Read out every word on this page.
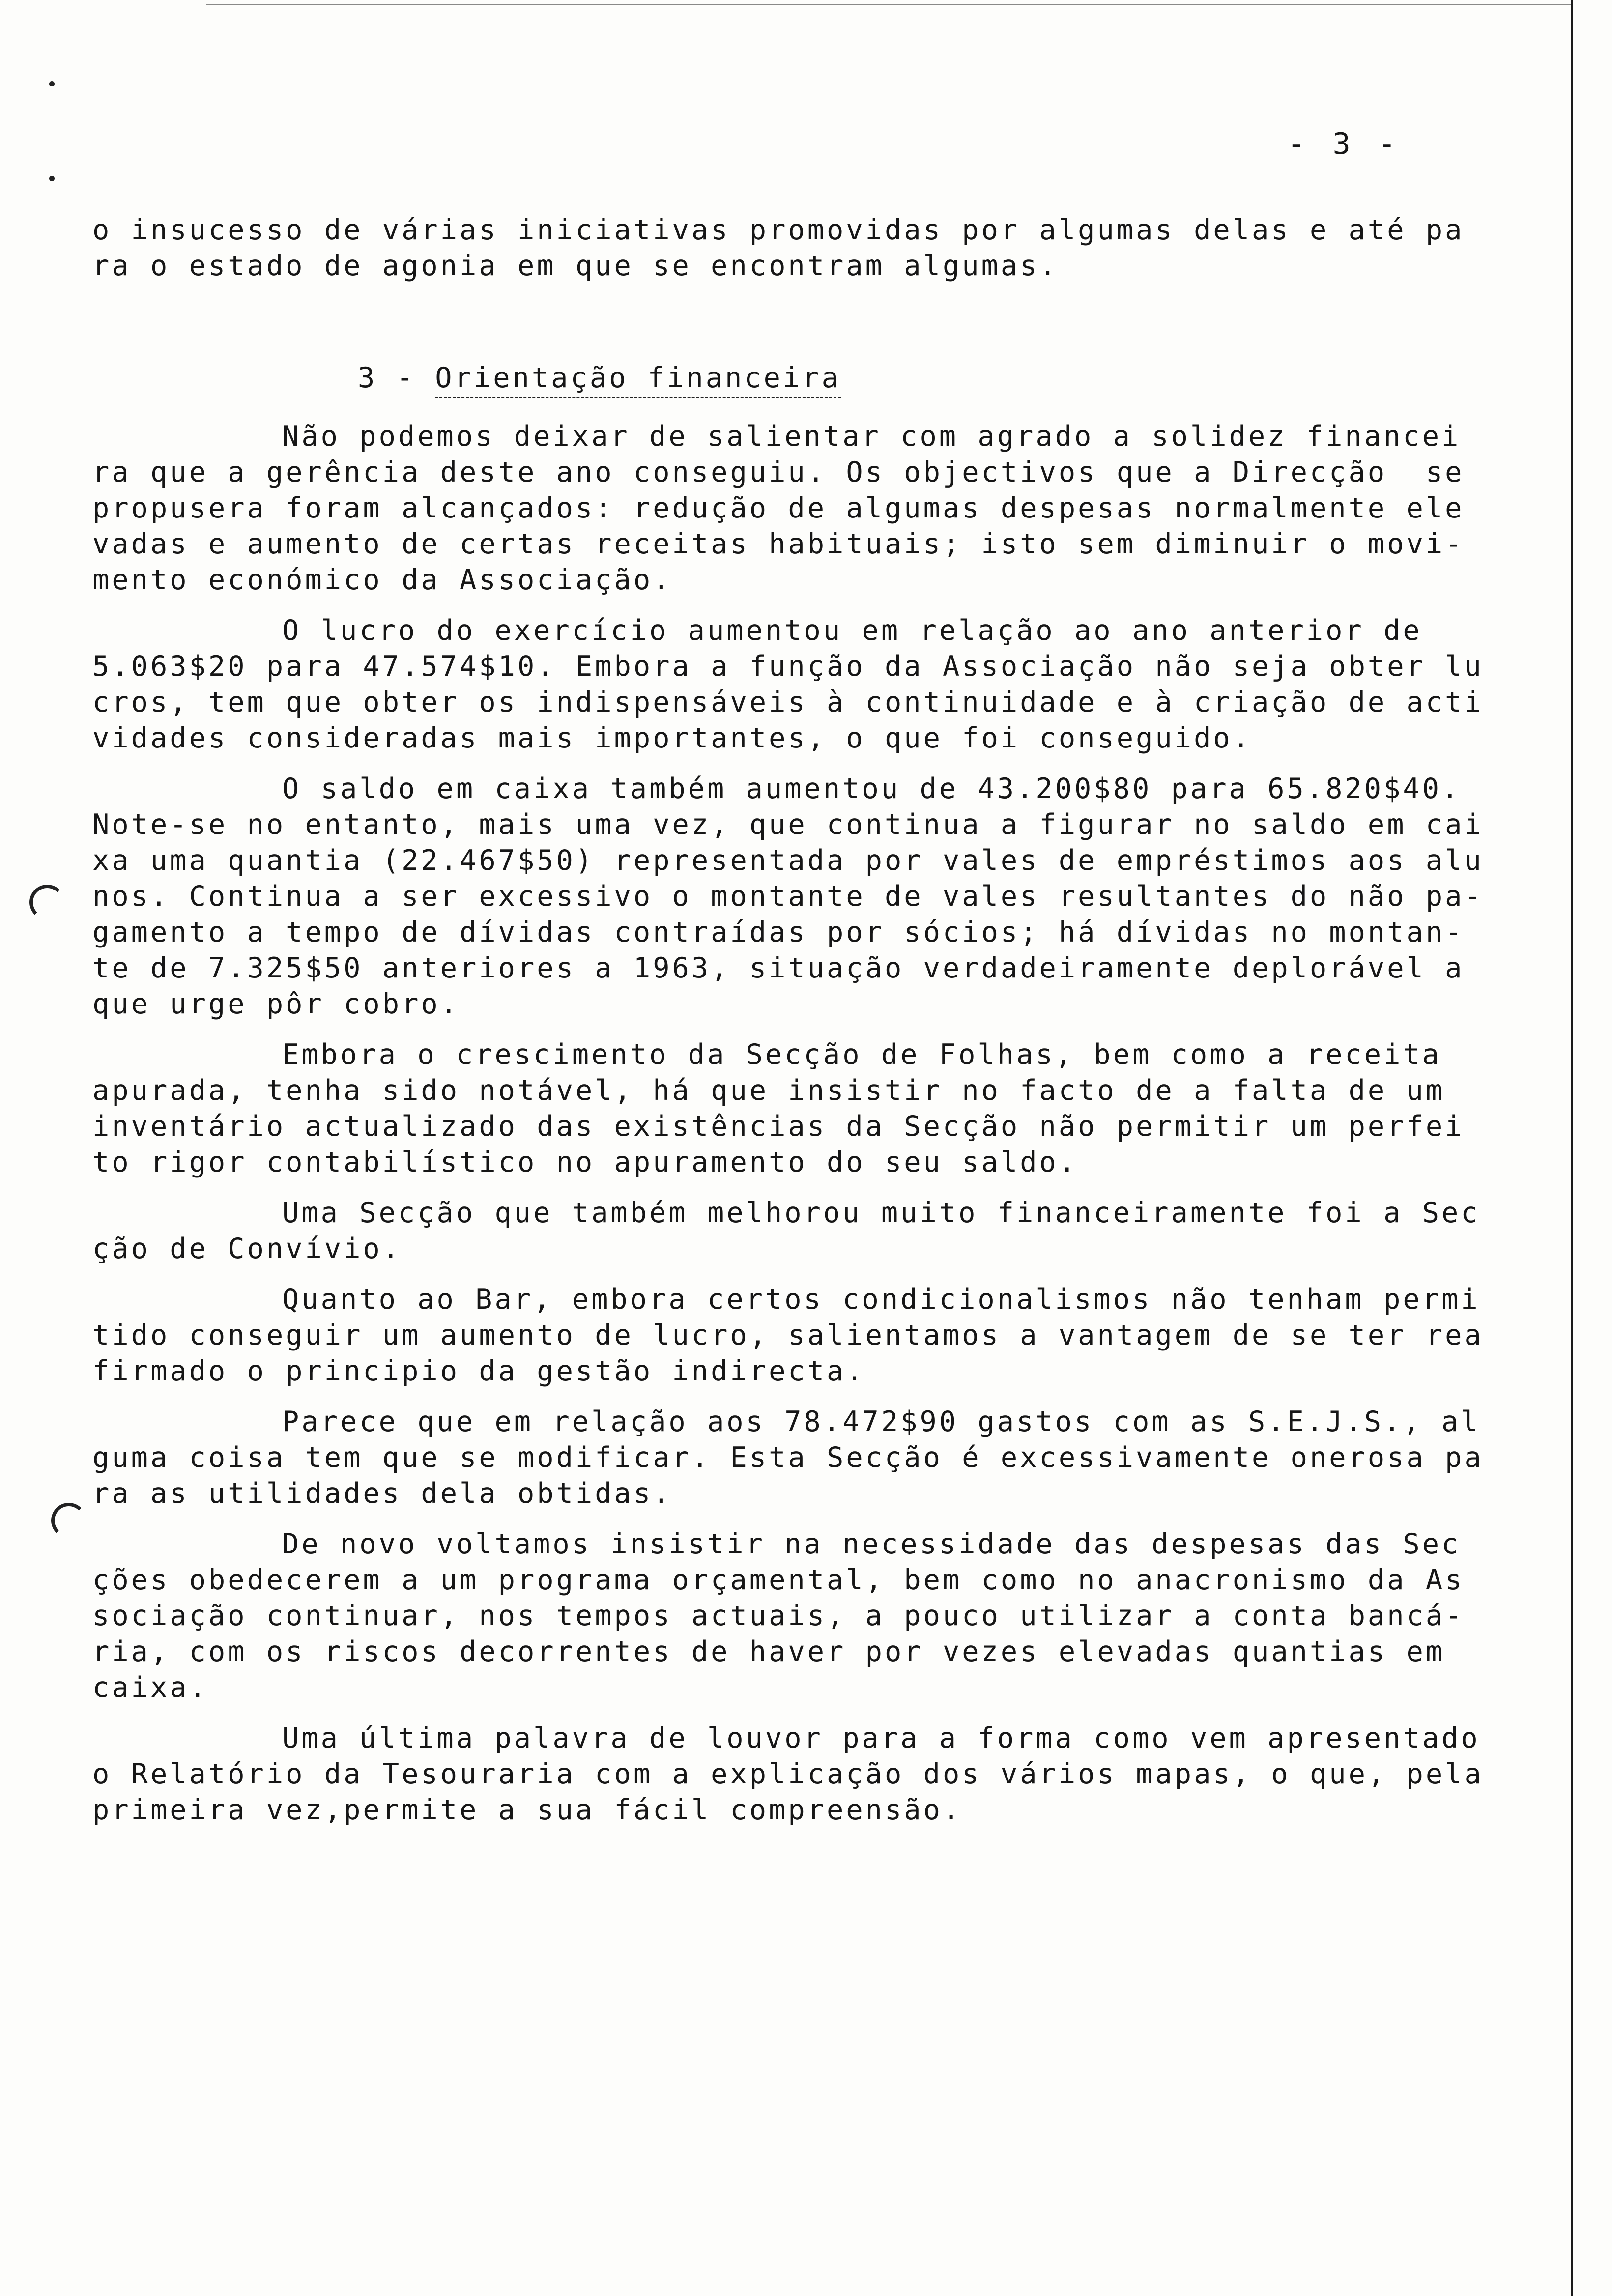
- 3 -
o insucesso de várias iniciativas promovidas por algumas delas e até pa
ra o estado de agonia em que se encontram algumas.
3 - Orientação financeira
Não podemos deixar de salientar com agrado a solidez financei
ra que a gerência deste ano conseguiu. Os objectivos que a Direcção  se
propusera foram alcançados: redução de algumas despesas normalmente ele
vadas e aumento de certas receitas habituais; isto sem diminuir o movi-
mento económico da Associação.
O lucro do exercício aumentou em relação ao ano anterior de
5.063$20 para 47.574$10. Embora a função da Associação não seja obter lu
cros, tem que obter os indispensáveis à continuidade e à criação de acti
vidades consideradas mais importantes, o que foi conseguido.
O saldo em caixa também aumentou de 43.200$80 para 65.820$40.
Note-se no entanto, mais uma vez, que continua a figurar no saldo em cai
xa uma quantia (22.467$50) representada por vales de empréstimos aos alu
nos. Continua a ser excessivo o montante de vales resultantes do não pa-
gamento a tempo de dívidas contraídas por sócios; há dívidas no montan-
te de 7.325$50 anteriores a 1963, situação verdadeiramente deplorável a
que urge pôr cobro.
Embora o crescimento da Secção de Folhas, bem como a receita
apurada, tenha sido notável, há que insistir no facto de a falta de um
inventário actualizado das existências da Secção não permitir um perfei
to rigor contabilístico no apuramento do seu saldo.
Uma Secção que também melhorou muito financeiramente foi a Sec
ção de Convívio.
Quanto ao Bar, embora certos condicionalismos não tenham permi
tido conseguir um aumento de lucro, salientamos a vantagem de se ter rea
firmado o principio da gestão indirecta.
Parece que em relação aos 78.472$90 gastos com as S.E.J.S., al
guma coisa tem que se modificar. Esta Secção é excessivamente onerosa pa
ra as utilidades dela obtidas.
De novo voltamos insistir na necessidade das despesas das Sec
ções obedecerem a um programa orçamental, bem como no anacronismo da As
sociação continuar, nos tempos actuais, a pouco utilizar a conta bancá-
ria, com os riscos decorrentes de haver por vezes elevadas quantias em
caixa.
Uma última palavra de louvor para a forma como vem apresentado
o Relatório da Tesouraria com a explicação dos vários mapas, o que, pela
primeira vez,permite a sua fácil compreensão.
